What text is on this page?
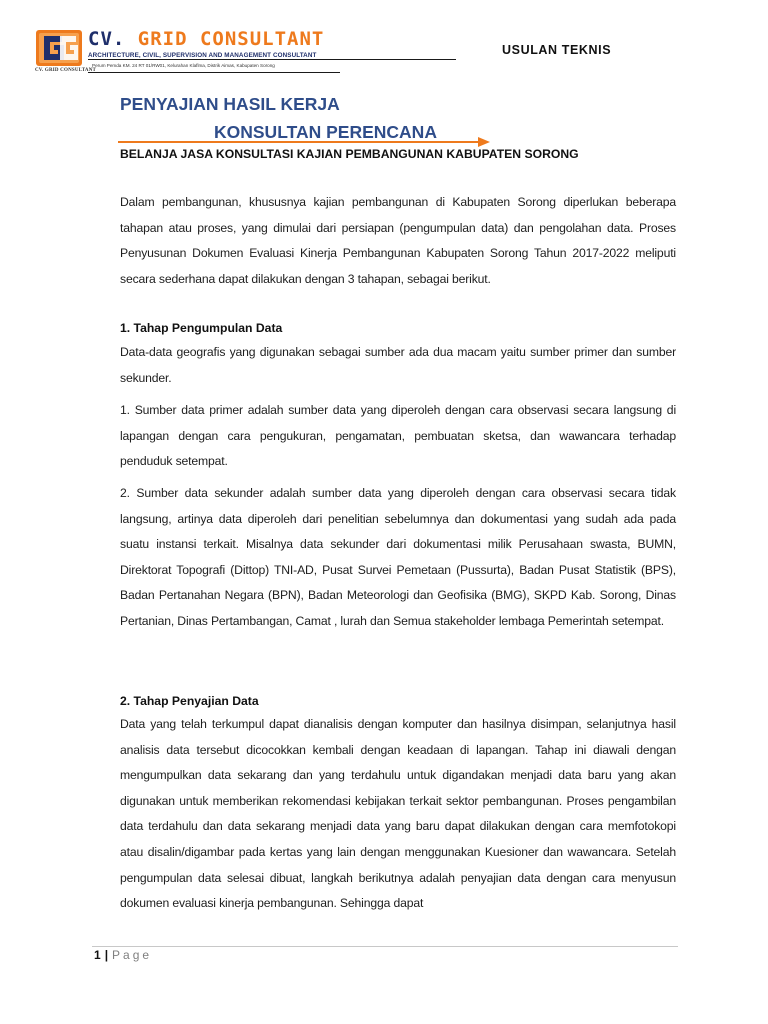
CV. GRID CONSULTANT
CV. GRID CONSULTANT
ARCHITECTURE, CIVIL, SUPERVISION AND MANAGEMENT CONSULTANT
Perum Pemda KM. 24 RT 01/RW01, Kelurahan Klaflma, Distrik Aimas, Kabupaten Sorong
USULAN TEKNIS
PENYAJIAN HASIL KERJA
KONSULTAN PERENCANA
BELANJA JASA KONSULTASI KAJIAN PEMBANGUNAN KABUPATEN SORONG

Dalam pembangunan, khususnya kajian pembangunan di Kabupaten Sorong diperlukan beberapa tahapan atau proses, yang dimulai dari persiapan (pengumpulan data) dan pengolahan data. Proses Penyusunan Dokumen Evaluasi Kinerja Pembangunan Kabupaten Sorong Tahun 2017-2022 meliputi secara sederhana dapat dilakukan dengan 3 tahapan, sebagai berikut.

1. Tahap Pengumpulan Data

Data-data geografis yang digunakan sebagai sumber ada dua macam yaitu sumber primer dan sumber sekunder.

1. Sumber data primer adalah sumber data yang diperoleh dengan cara observasi secara langsung di lapangan dengan cara pengukuran, pengamatan, pembuatan sketsa, dan wawancara terhadap penduduk setempat.

2. Sumber data sekunder adalah sumber data yang diperoleh dengan cara observasi secara tidak langsung, artinya data diperoleh dari penelitian sebelumnya dan dokumentasi yang sudah ada pada suatu instansi terkait. Misalnya data sekunder dari dokumentasi milik Perusahaan swasta, BUMN, Direktorat Topografi (Dittop) TNI-AD, Pusat Survei Pemetaan (Pussurta), Badan Pusat Statistik (BPS), Badan Pertanahan Negara (BPN), Badan Meteorologi dan Geofisika (BMG), SKPD Kab. Sorong, Dinas Pertanian, Dinas Pertambangan, Camat , lurah dan Semua stakeholder lembaga Pemerintah setempat.

2. Tahap Penyajian Data

Data yang telah terkumpul dapat dianalisis dengan komputer dan hasilnya disimpan, selanjutnya hasil analisis data tersebut dicocokkan kembali dengan keadaan di lapangan. Tahap ini diawali dengan mengumpulkan data sekarang dan yang terdahulu untuk digandakan menjadi data baru yang akan digunakan untuk memberikan rekomendasi kebijakan terkait sektor pembangunan. Proses pengambilan data terdahulu dan data sekarang menjadi data yang baru dapat dilakukan dengan cara memfotokopi atau disalin/digambar pada kertas yang lain dengan menggunakan Kuesioner dan wawancara. Setelah pengumpulan data selesai dibuat, langkah berikutnya adalah penyajian data dengan cara menyusun dokumen evaluasi kinerja pembangunan. Sehingga dapat

1 | Page
